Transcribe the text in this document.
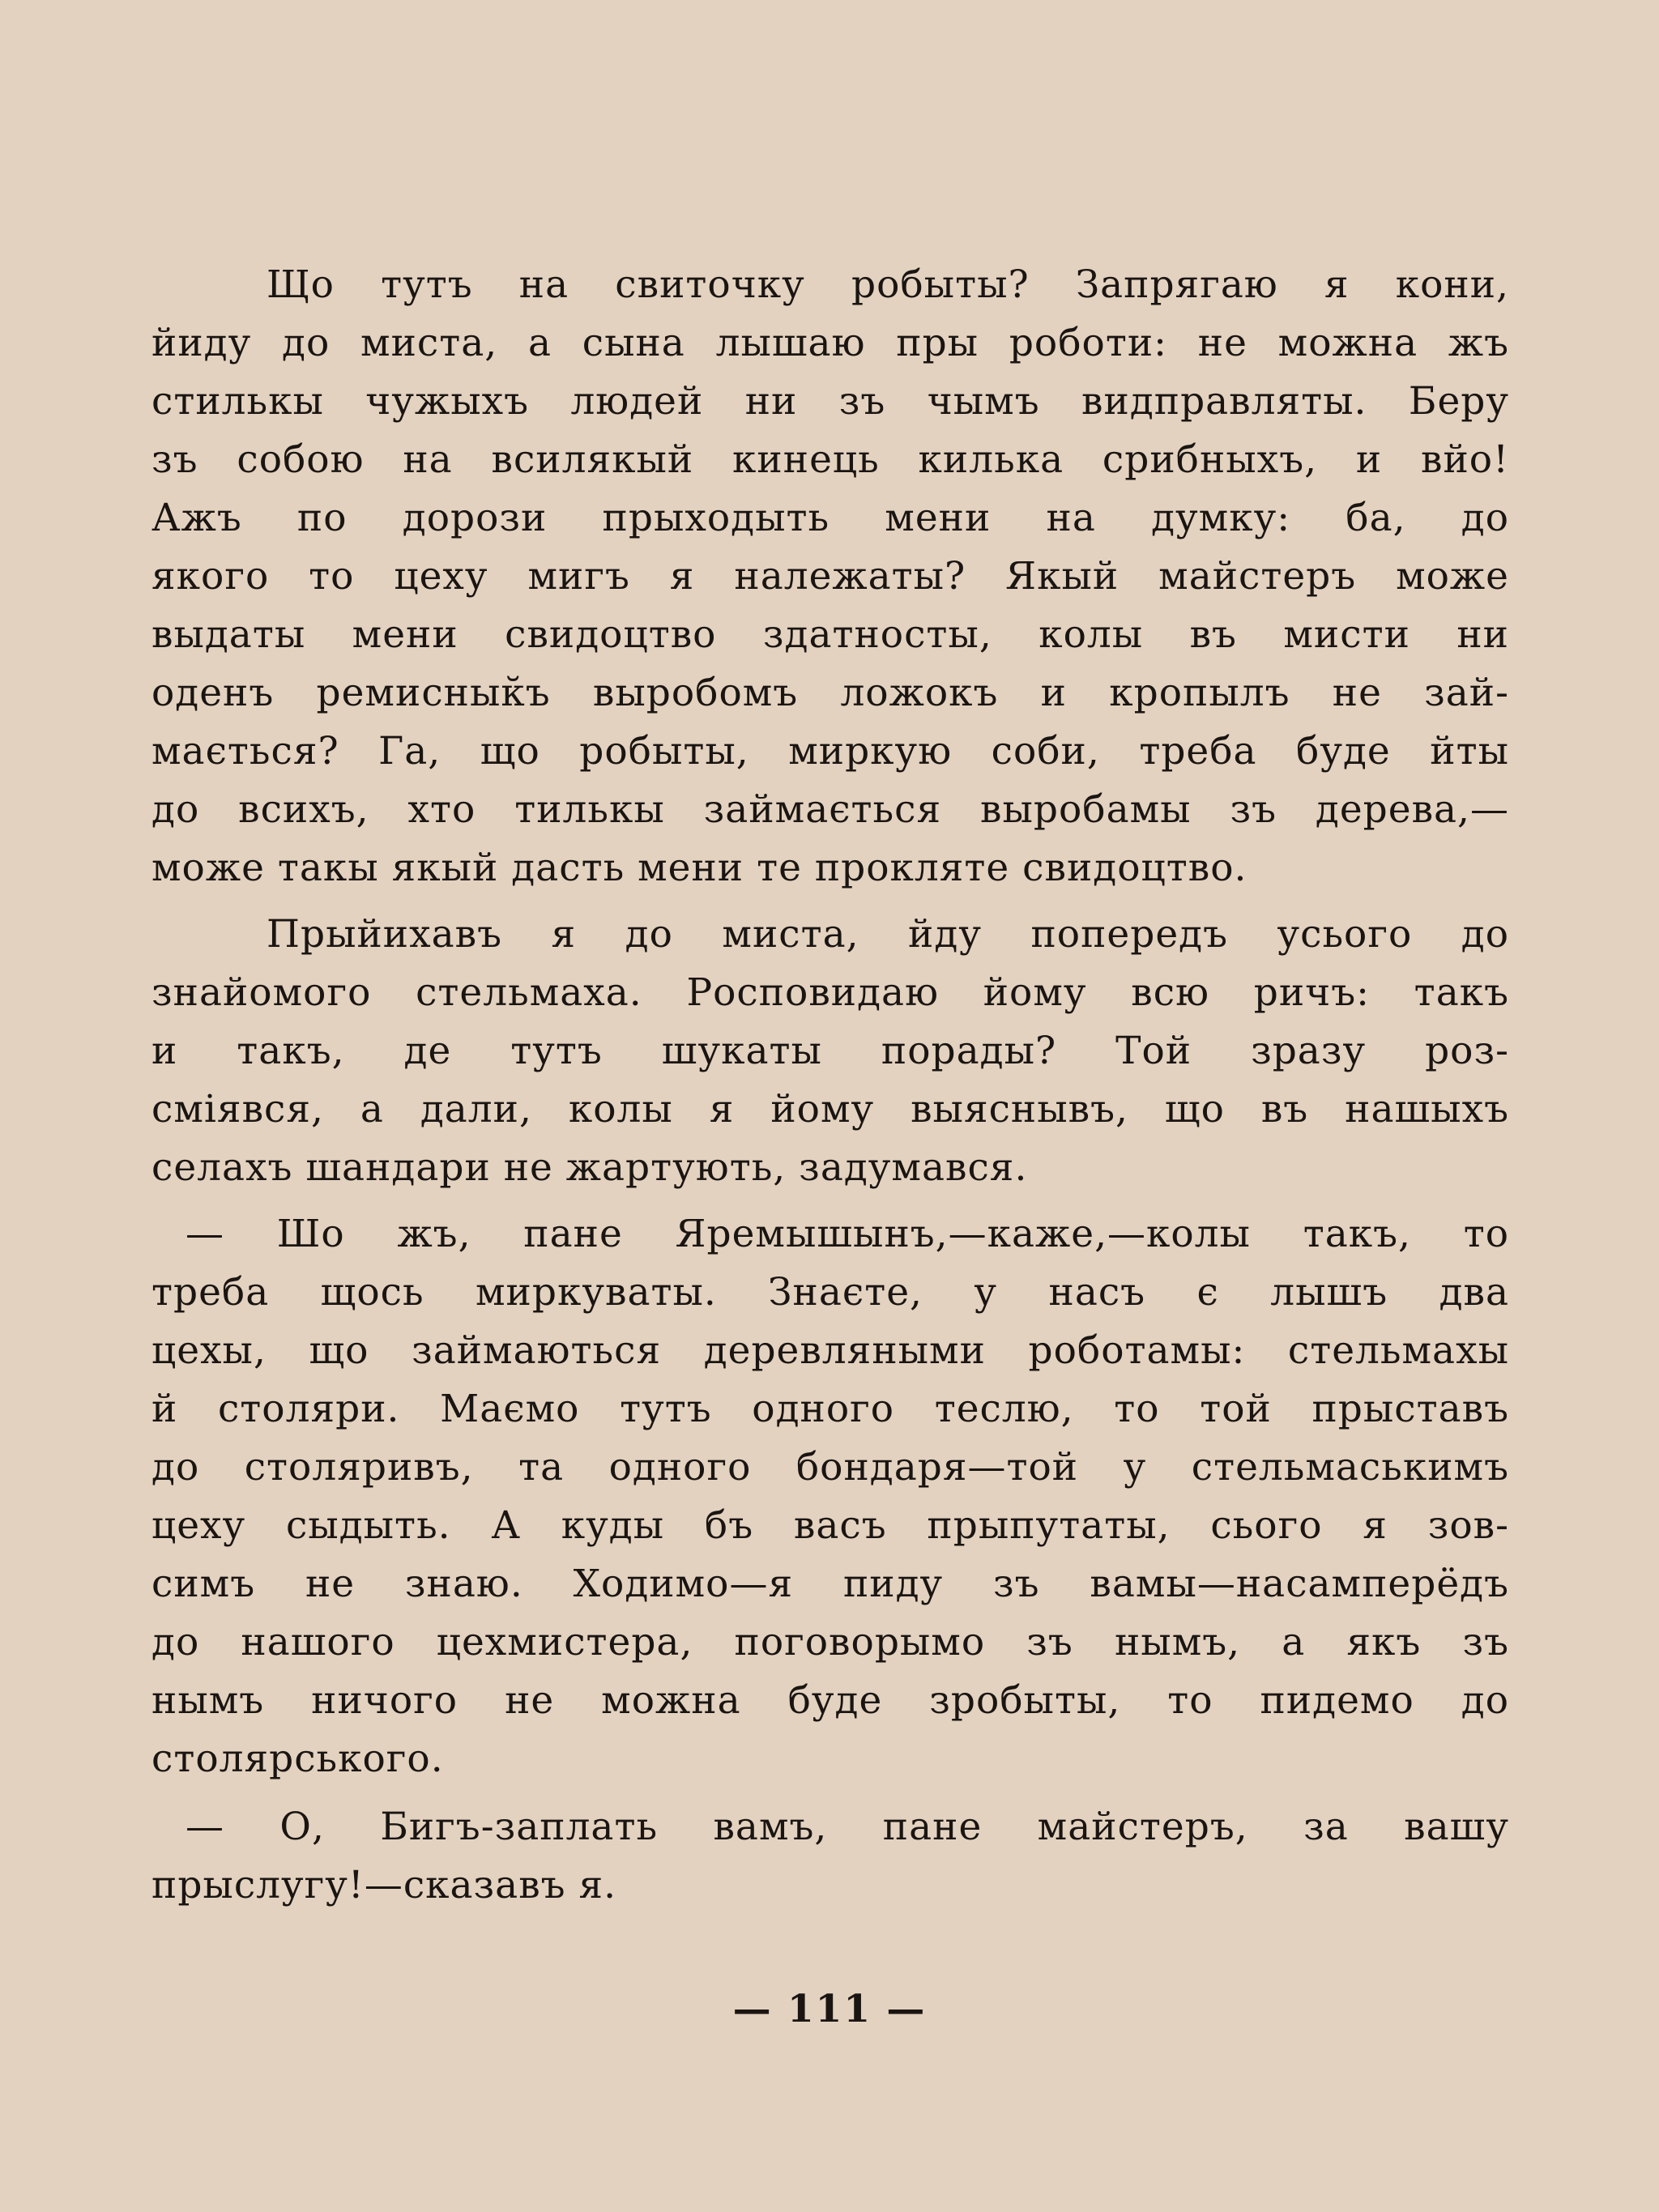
Що тутъ на свиточку робыты? Запрягаю я кони,
йиду до миста, а сына лышаю пры роботи: не можна жъ
стилькы чужыхъ людей ни зъ чымъ видправляты. Беру
зъ собою на всилякый кинець килька срибныхъ, и вйо!
Ажъ по дорози прыходыть мени на думку: ба, до
якого то цеху мигъ я належаты? Якый майстеръ може
выдаты мени свидоцтво здатносты, колы въ мисти ни
оденъ ремиснык̆ъ выробомъ ложокъ и кропылъ не зай-
мається? Га, що робыты, миркую соби, треба буде йты
до всихъ, хто тилькы займається выробамы зъ дерева,—
може такы якый дасть мени те прокляте свидоцтво.

Прыйихавъ я до миста, йду попередъ усього до
знайомого стельмаха. Росповидаю йому всю ричъ: такъ
и такъ, де тутъ шукаты порады? Той зразу роз-
смiявся, а дали, колы я йому выяснывъ, що въ нашыхъ
селахъ шандари не жартують, задумався.

— Шо жъ, пане Яремышынъ,—каже,—колы такъ, то
треба щось миркуваты. Знаєте, у насъ є лышъ два
цехы, що займаються деревляными роботамы: стельмахы
й столяри. Маємо тутъ одного теслю, то той прыставъ
до столяривъ, та одного бондаря—той у стельмаськимъ
цеху сыдыть. А куды бъ васъ прыпутаты, сього я зов-
симъ не знаю. Ходимо—я пиду зъ вамы—насамперёдъ
до нашого цехмистера, поговорымо зъ нымъ, а якъ зъ
нымъ ничого не можна буде зробыты, то пидемо до
столярського.

— О, Бигъ-заплать вамъ, пане майстеръ, за вашу
прыслугу!—сказавъ я.

— 111 —
